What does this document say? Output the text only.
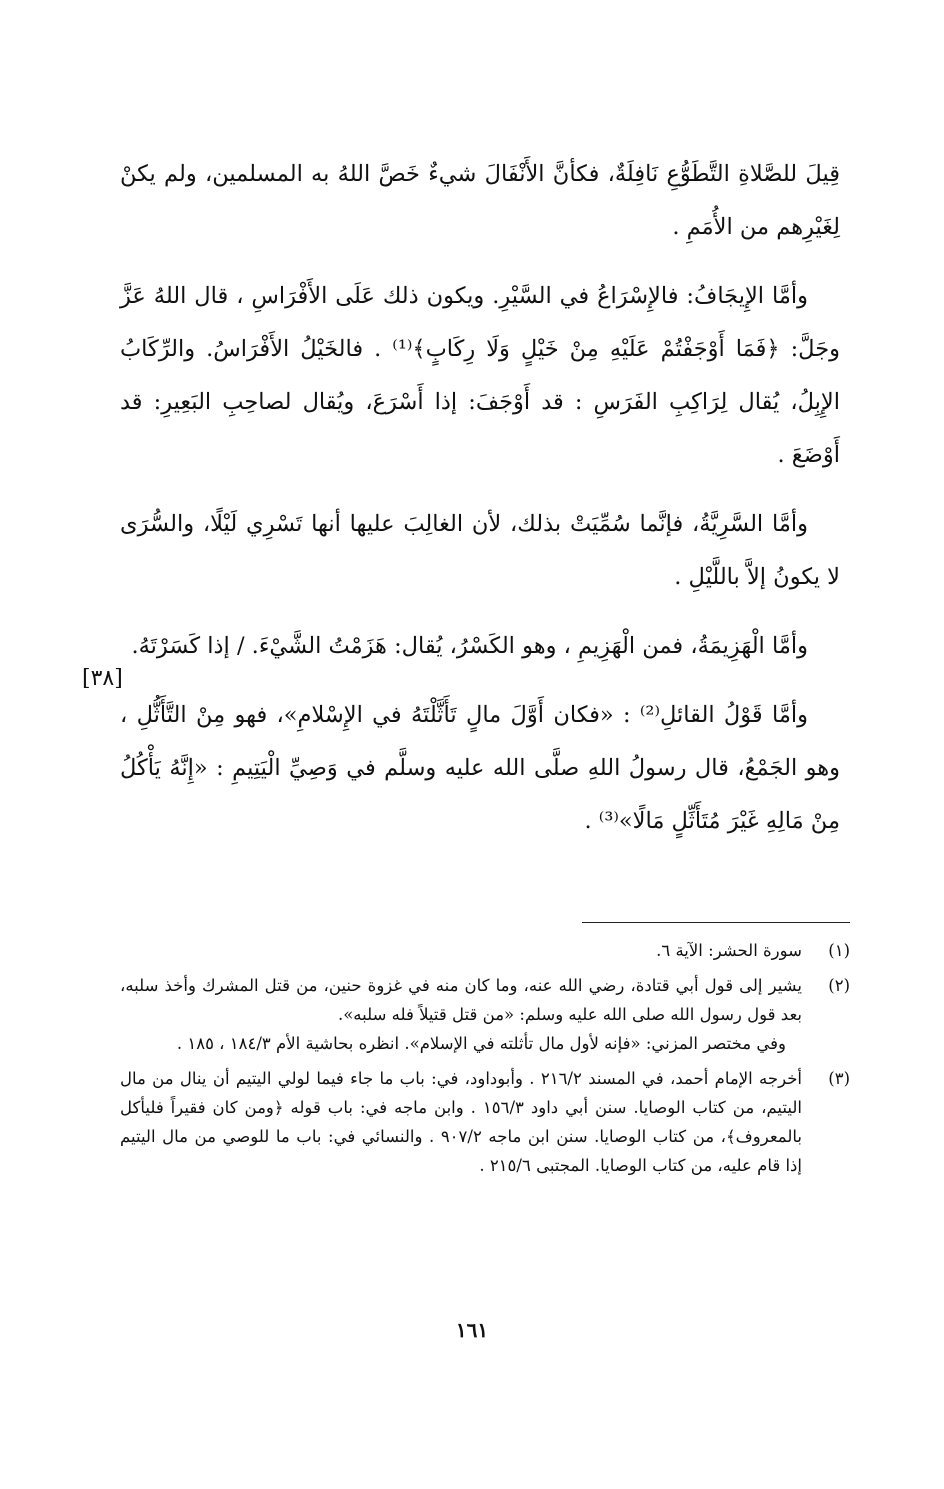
قِيلَ للصَّلاةِ التَّطَوُّعِ نَافِلَةٌ، فكأنَّ الأَنْفَالَ شيءٌ خَصَّ اللهُ به المسلمين، ولم يكنْ لِغَيْرِهم من الأُمَمِ .

وأمَّا الإِيجَافُ: فالإِسْرَاعُ في السَّيْرِ. ويكون ذلك عَلَى الأَفْرَاسِ ، قال اللهُ عَزَّ وجَلَّ: ﴿فَمَا أَوْجَفْتُمْ عَلَيْهِ مِنْ خَيْلٍ وَلَا رِكَابٍ﴾⁽¹⁾ . فالخَيْلُ الأَفْرَاسُ. والرِّكَابُ الإِبِلُ، يُقال لِرَاكِبِ الفَرَسِ : قد أَوْجَفَ: إذا أَسْرَعَ، ويُقال لصاحِبِ البَعِيرِ: قد أَوْضَعَ .

وأمَّا السَّرِيَّةُ، فإنَّما سُمِّيَتْ بذلك، لأن الغالِبَ عليها أنها تَسْرِي لَيْلًا، والسُّرَى لا يكونُ إلاَّ باللَّيْلِ .

وأمَّا الْهَزِيمَةُ، فمن الْهَزِيمِ ، وهو الكَسْرُ، يُقال: هَزَمْتُ الشَّيْءَ. / إذا كَسَرْتَهُ.

وأمَّا قَوْلُ القائلِ⁽²⁾ : «فكان أَوَّلَ مالٍ تَأَثَّلْتَهُ في الإِسْلامِ»، فهو مِنْ التَّأَثُّلِ ، وهو الجَمْعُ، قال رسولُ اللهِ صلَّى الله عليه وسلَّم في وَصِيِّ الْيَتِيمِ : «إِنَّهُ يَأْكُلُ مِنْ مَالِهِ غَيْرَ مُتَأَثِّلٍ مَالًا»⁽³⁾ .

[٣٨]
(١)
سورة الحشر: الآية ٦.
(٢)
يشير إلى قول أبي قتادة، رضي الله عنه، وما كان منه في غزوة حنين، من قتل المشرك وأخذ سلبه، بعد قول رسول الله صلى الله عليه وسلم: «من قتل قتيلاً فله سلبه».
وفي مختصر المزني: «فإنه لأول مال تأثلته في الإسلام». انظره بحاشية الأم ١٨٤/٣ ، ١٨٥ .
(٣)
أخرجه الإمام أحمد، في المسند ٢١٦/٢ . وأبوداود، في: باب ما جاء فيما لولي اليتيم أن ينال من مال اليتيم، من كتاب الوصايا. سنن أبي داود ١٥٦/٣ . وابن ماجه في: باب قوله ﴿ومن كان فقيراً فليأكل بالمعروف﴾، من كتاب الوصايا. سنن ابن ماجه ٩٠٧/٢ . والنسائي في: باب ما للوصي من مال اليتيم إذا قام عليه، من كتاب الوصايا. المجتبى ٢١٥/٦ .
١٦١
